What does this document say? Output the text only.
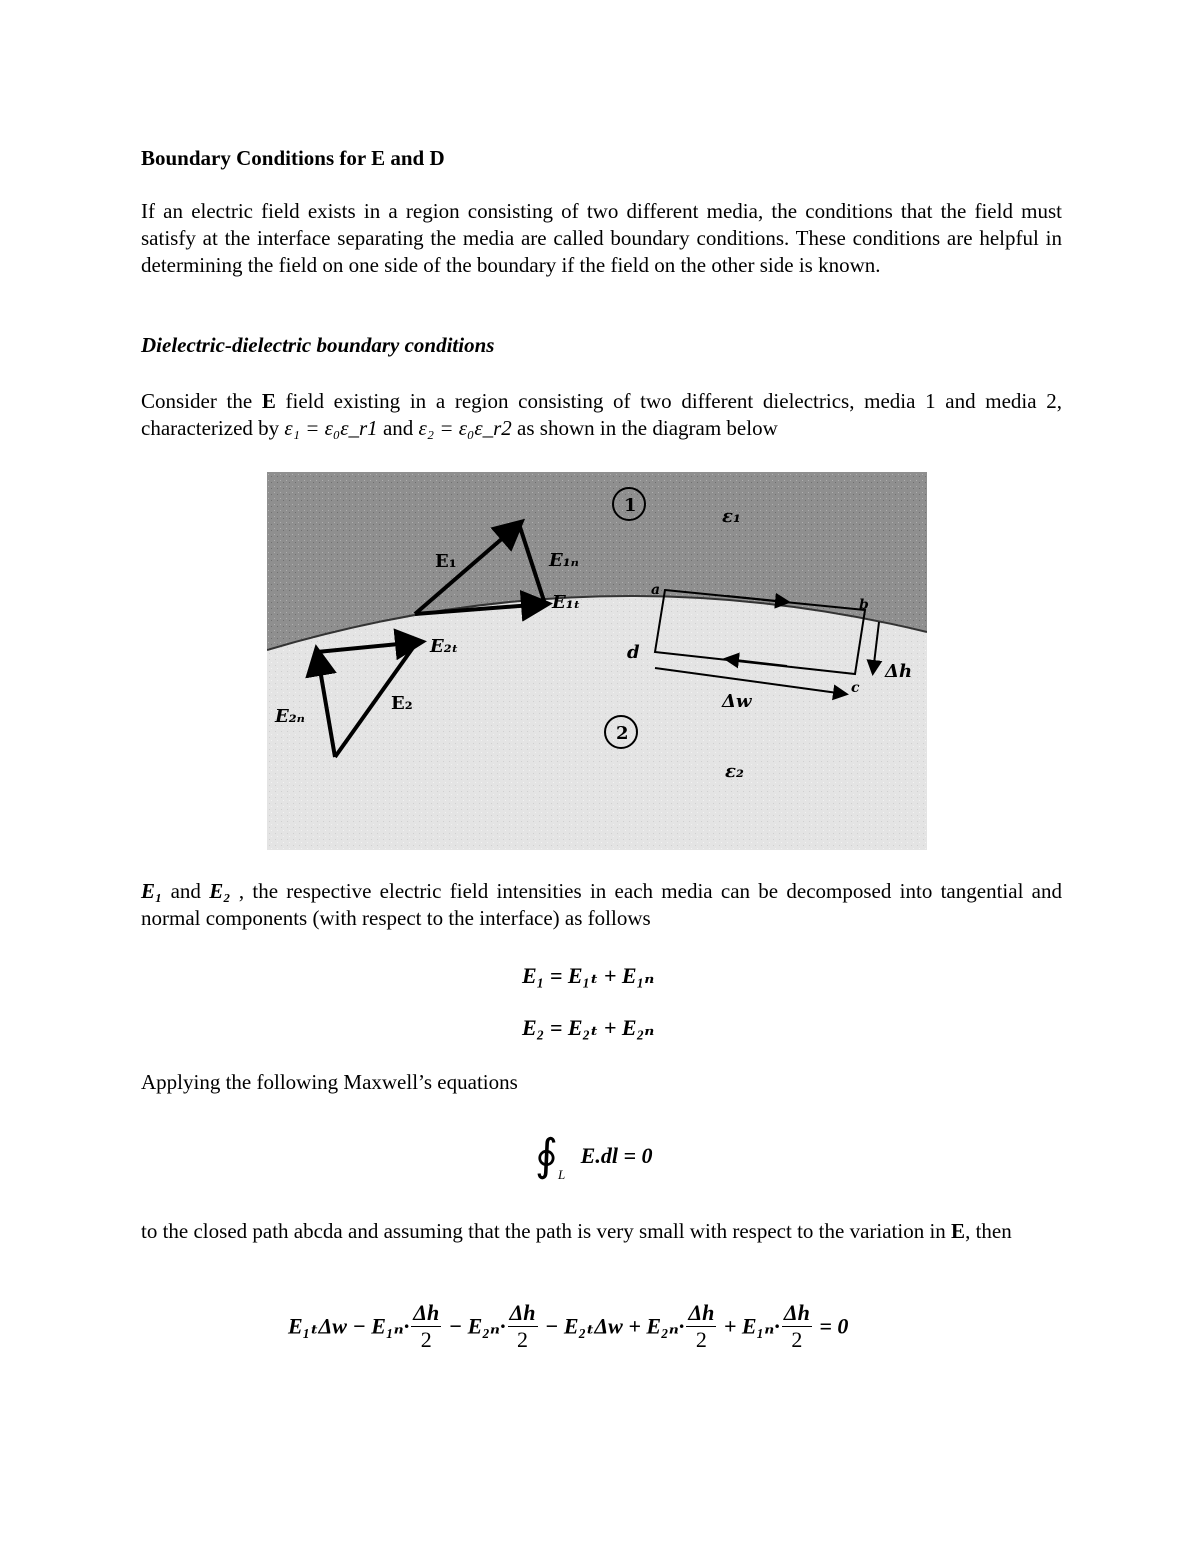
Boundary Conditions for E and D
If an electric field exists in a region consisting of two different media, the conditions that the field must satisfy at the interface separating the media are called boundary conditions. These conditions are helpful in determining the field on one side of the boundary if the field on the other side is known.
Dielectric-dielectric boundary conditions
Consider the E field existing in a region consisting of two different dielectrics, media 1 and media 2, characterized by ε₁ = ε₀ε_r1 and ε₂ = ε₀ε_r2 as shown in the diagram below
1
2
ε₁
ε₂
E₁	E₁ₙ
E₁ₜ
E₂
E₂ₜ
E₂ₙ
a
b
c
d
Δw
Δh
E₁ and E₂ , the respective electric field intensities in each media can be decomposed into tangential and normal components (with respect to the interface) as follows
E₁ = E₁ₜ + E₁ₙ
E₂ = E₂ₜ + E₂ₙ
Applying the following Maxwell’s equations
$∮_L$ E.dl = 0
to the closed path abcda and assuming that the path is very small with respect to the variation in E, then
$E_{1t}\Delta w - E_{1n}\cdot \frac{\Delta h}{2} - E_{2n}\cdot \frac{\Delta h}{2} - E_{2t}\Delta w + E_{2n}\cdot \frac{\Delta h}{2} + E_{1n}\cdot \frac{\Delta h}{2} = 0$
